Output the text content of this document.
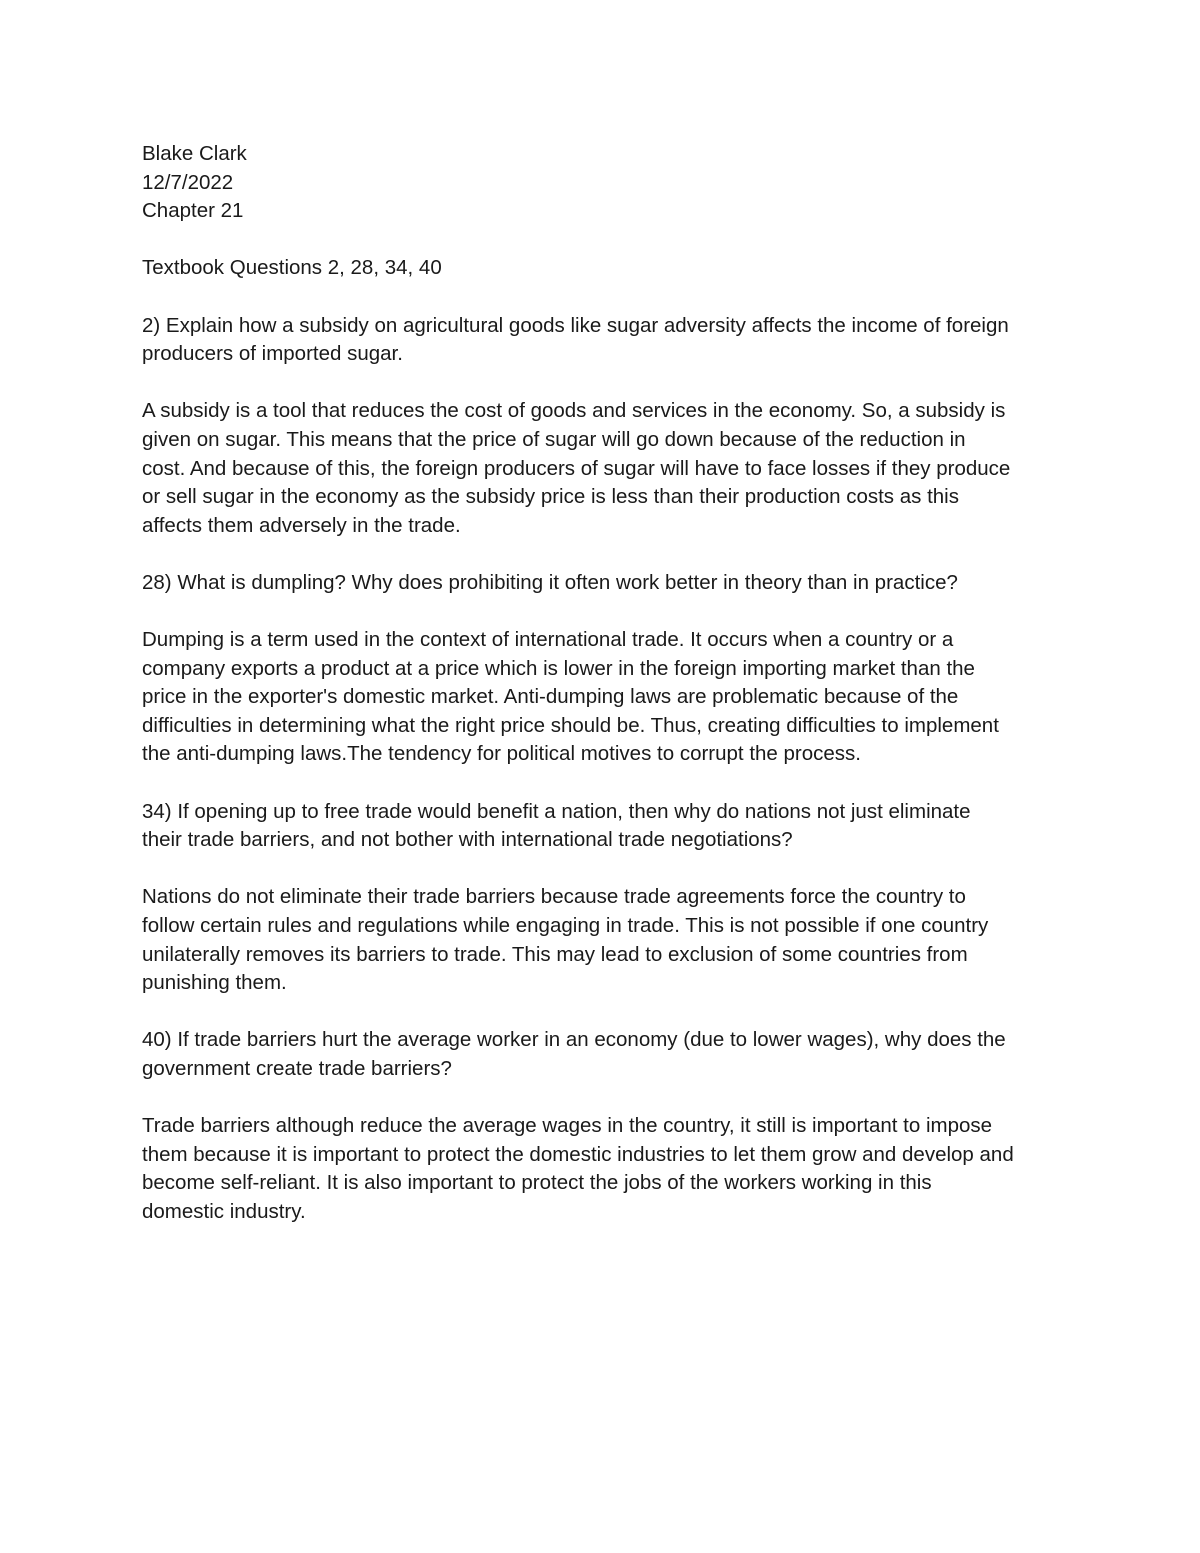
Blake Clark

12/7/2022

Chapter 21

Textbook Questions 2, 28, 34, 40

2) Explain how a subsidy on agricultural goods like sugar adversity affects the income of foreign

producers of imported sugar.

A subsidy is a tool that reduces the cost of goods and services in the economy. So, a subsidy is

given on sugar. This means that the price of sugar will go down because of the reduction in

cost. And because of this, the foreign producers of sugar will have to face losses if they produce

or sell sugar in the economy as the subsidy price is less than their production costs as this

affects them adversely in the trade.

28) What is dumpling? Why does prohibiting it often work better in theory than in practice?

Dumping is a term used in the context of international trade. It occurs when a country or a

company exports a product at a price which is lower in the foreign importing market than the

price in the exporter's domestic market. Anti-dumping laws are problematic because of the

difficulties in determining what the right price should be. Thus, creating difficulties to implement

the anti-dumping laws.The tendency for political motives to corrupt the process.

34) If opening up to free trade would benefit a nation, then why do nations not just eliminate

their trade barriers, and not bother with international trade negotiations?

Nations do not eliminate their trade barriers because trade agreements force the country to

follow certain rules and regulations while engaging in trade. This is not possible if one country

unilaterally removes its barriers to trade. This may lead to exclusion of some countries from

punishing them.

40) If trade barriers hurt the average worker in an economy (due to lower wages), why does the

government create trade barriers?

Trade barriers although reduce the average wages in the country, it still is important to impose

them because it is important to protect the domestic industries to let them grow and develop and

become self-reliant. It is also important to protect the jobs of the workers working in this

domestic industry.
